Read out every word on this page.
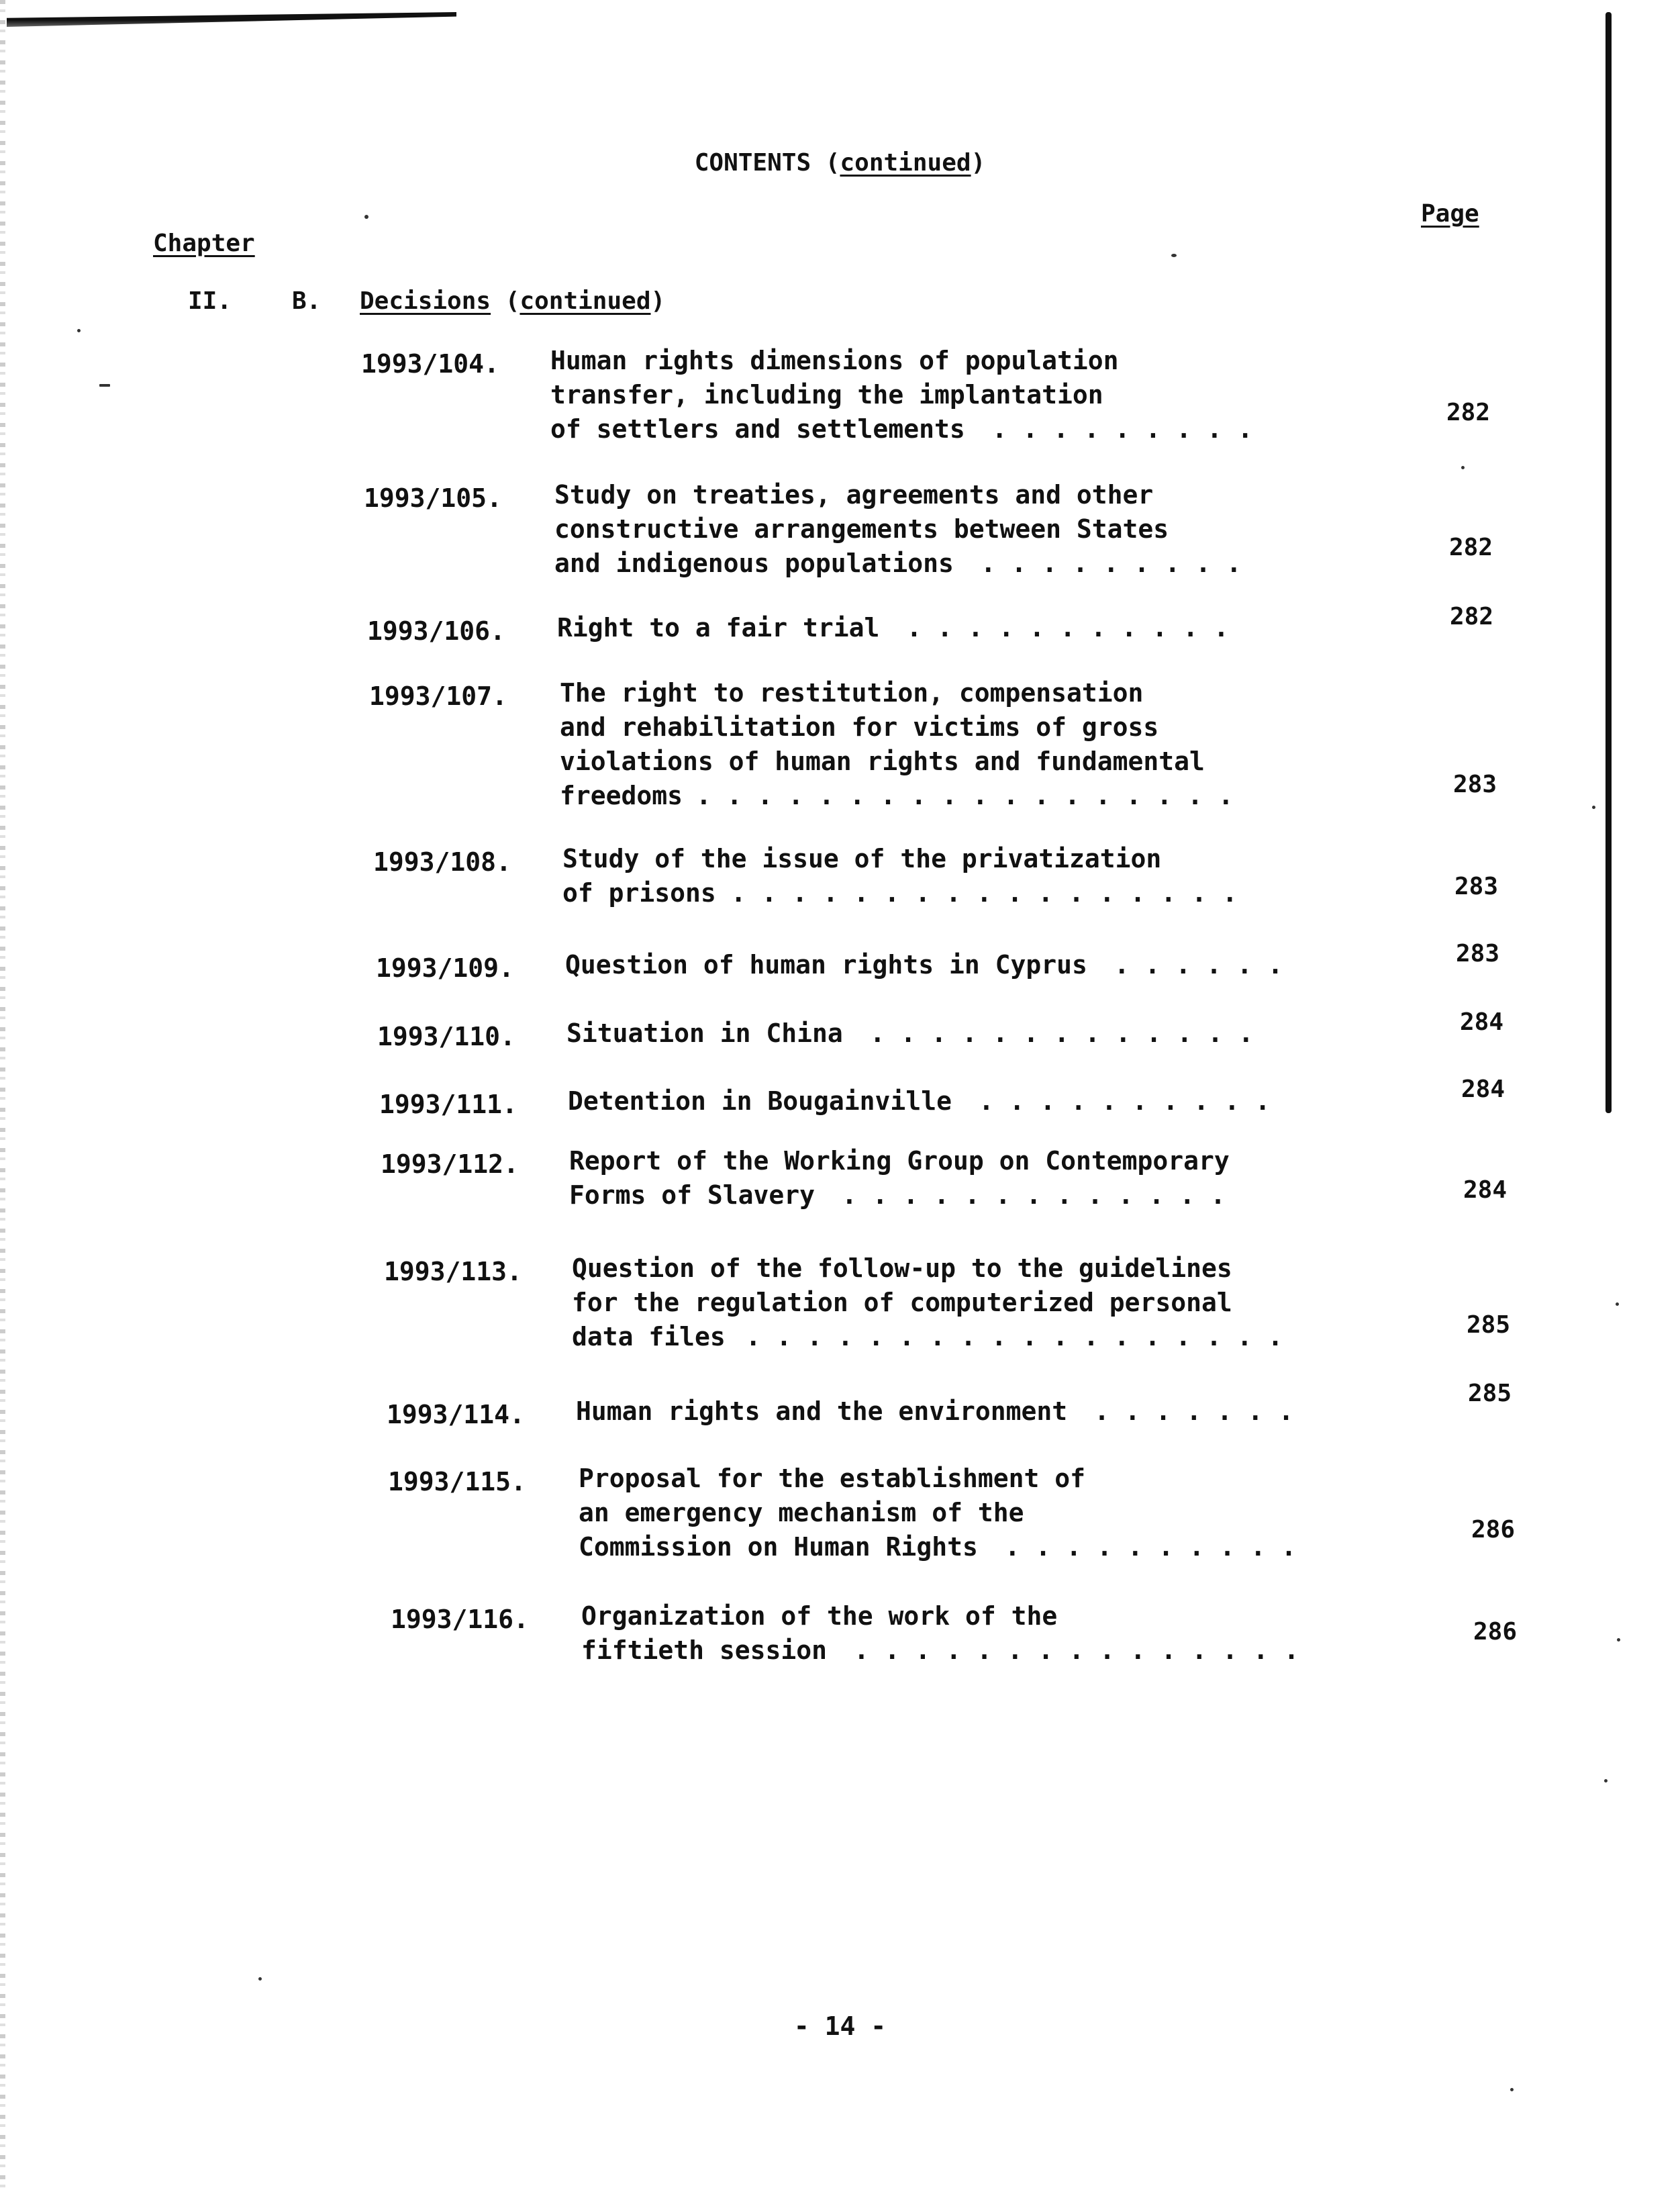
CONTENTS (continued)
Page
Chapter
II. B. Decisions (continued)
1993/104. Human rights dimensions of population
transfer, including the implantation
of settlers and settlements . . . . . . . . .
282
1993/105. Study on treaties, agreements and other
constructive arrangements between States
and indigenous populations . . . . . . . . .
282
1993/106. Right to a fair trial . . . . . . . . . . .	282
1993/107. The right to restitution, compensation
and rehabilitation for victims of gross
violations of human rights and fundamental
freedoms . . . . . . . . . . . . . . . . . .	283
1993/108. Study of the issue of the privatization
of prisons . . . . . . . . . . . . . . . . .	283
1993/109. Question of human rights in Cyprus . . . . . .	283
1993/110. Situation in China . . . . . . . . . . . . .	284
1993/111. Detention in Bougainville . . . . . . . . . .	284
1993/112. Report of the Working Group on Contemporary
Forms of Slavery . . . . . . . . . . . . .	284
1993/113. Question of the follow-up to the guidelines
for the regulation of computerized personal
data files . . . . . . . . . . . . . . . . . .	285
1993/114. Human rights and the environment . . . . . . .
285
1993/115. Proposal for the establishment of
an emergency mechanism of the
Commission on Human Rights . . . . . . . . . .
286
1993/116. Organization of the work of the
fiftieth session . . . . . . . . . . . . . . .
286
- 14 -
